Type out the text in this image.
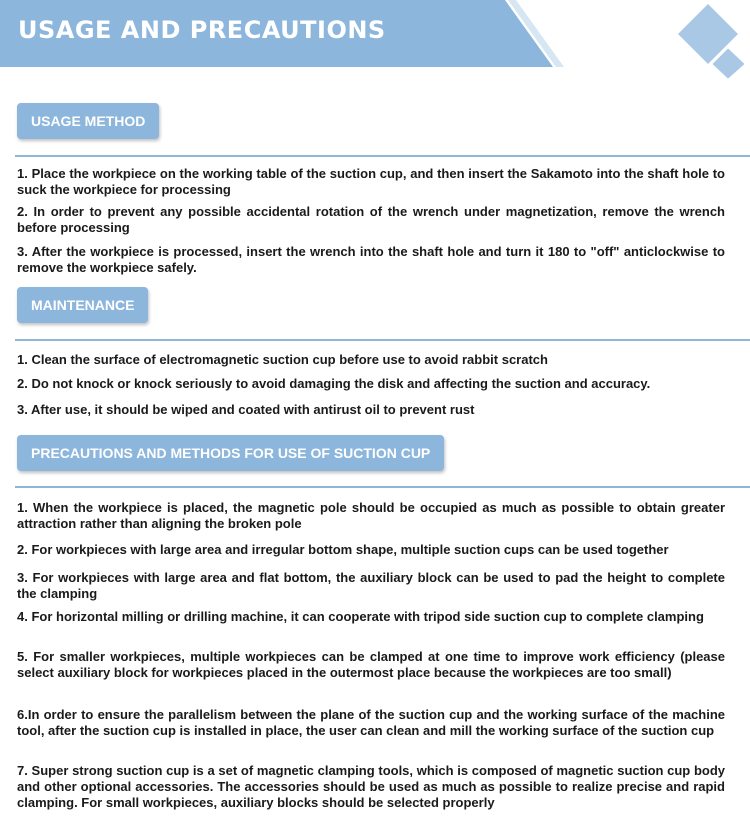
USAGE AND PRECAUTIONS
USAGE METHOD

1. Place the workpiece on the working table of the suction cup, and then insert the Sakamoto into the shaft hole to suck the workpiece for processing

2. In order to prevent any possible accidental rotation of the wrench under magnetization, remove the wrench before processing

3. After the workpiece is processed, insert the wrench into the shaft hole and turn it 180 to "off" anticlockwise to remove the workpiece safely.

MAINTENANCE

1. Clean the surface of electromagnetic suction cup before use to avoid rabbit scratch

2. Do not knock or knock seriously to avoid damaging the disk and affecting the suction and accuracy.

3. After use, it should be wiped and coated with antirust oil to prevent rust

PRECAUTIONS AND METHODS FOR USE OF SUCTION CUP

1. When the workpiece is placed, the magnetic pole should be occupied as much as possible to obtain greater attraction rather than aligning the broken pole

2. For workpieces with large area and irregular bottom shape, multiple suction cups can be used together

3. For workpieces with large area and flat bottom, the auxiliary block can be used to pad the height to complete the clamping

4. For horizontal milling or drilling machine, it can cooperate with tripod side suction cup to complete clamping

5. For smaller workpieces, multiple workpieces can be clamped at one time to improve work efficiency (please select auxiliary block for workpieces placed in the outermost place because the workpieces are too small)

6.In order to ensure the parallelism between the plane of the suction cup and the working surface of the machine tool, after the suction cup is installed in place, the user can clean and mill the working surface of the suction cup

7. Super strong suction cup is a set of magnetic clamping tools, which is composed of magnetic suction cup body and other optional accessories. The accessories should be used as much as possible to realize precise and rapid clamping. For small workpieces, auxiliary blocks should be selected properly
